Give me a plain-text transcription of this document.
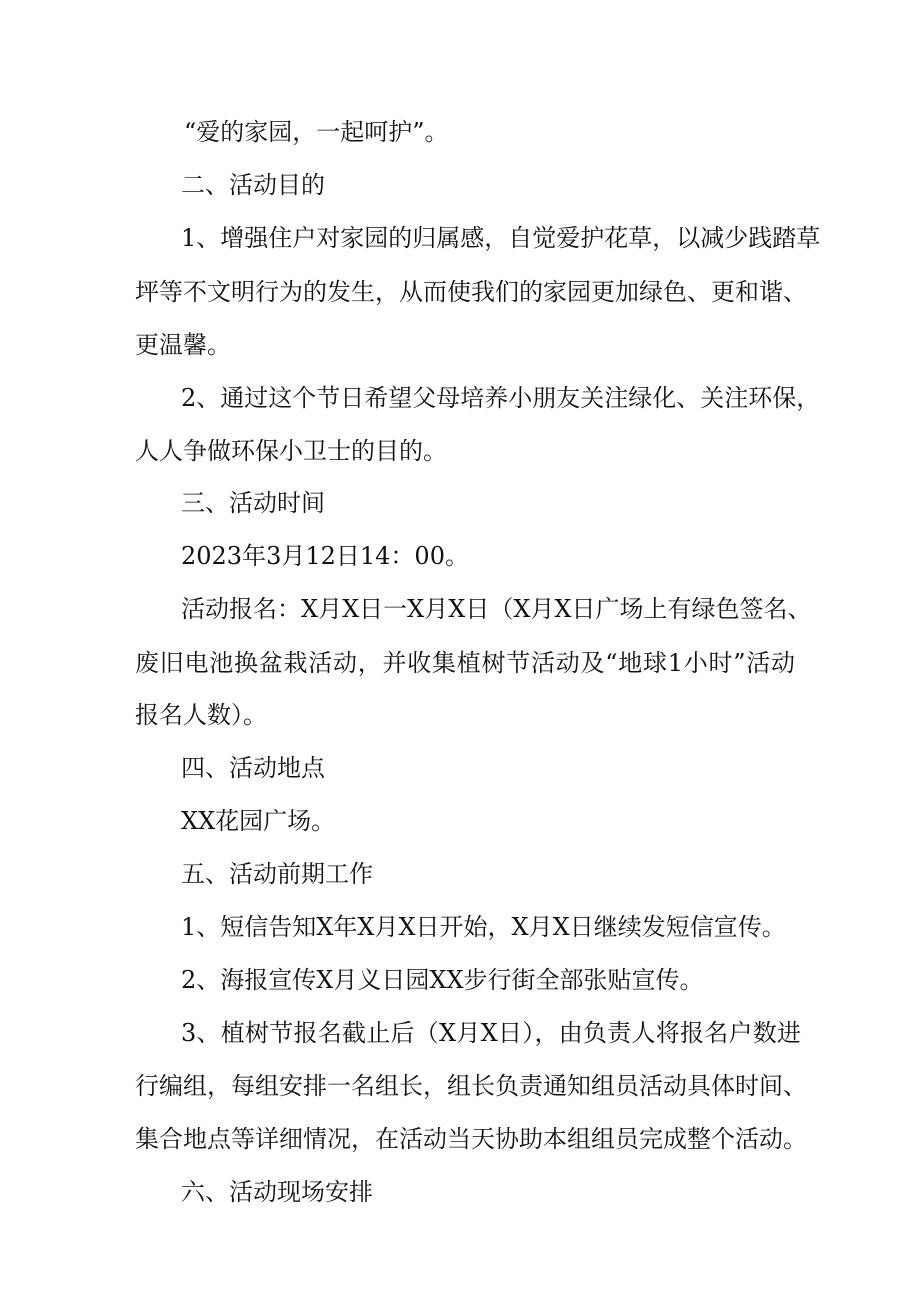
“爱的家园，一起呵护”。
二、活动目的
1、增强住户对家园的归属感，自觉爱护花草，以减少践踏草
坪等不文明行为的发生，从而使我们的家园更加绿色、更和谐、
更温馨。
2、通过这个节日希望父母培养小朋友关注绿化、关注环保，
人人争做环保小卫士的目的。
三、活动时间
2023年3月12日14：00。
活动报名：X月X日一X月X日（X月X日广场上有绿色签名、
废旧电池换盆栽活动，并收集植树节活动及“地球1小时”活动
报名人数）。
四、活动地点
XX花园广场。
五、活动前期工作
1、短信告知X年X月X日开始，X月X日继续发短信宣传。
2、海报宣传X月义日园XX步行街全部张贴宣传。
3、植树节报名截止后（X月X日），由负责人将报名户数进
行编组，每组安排一名组长，组长负责通知组员活动具体时间、
集合地点等详细情况，在活动当天协助本组组员完成整个活动。
六、活动现场安排
